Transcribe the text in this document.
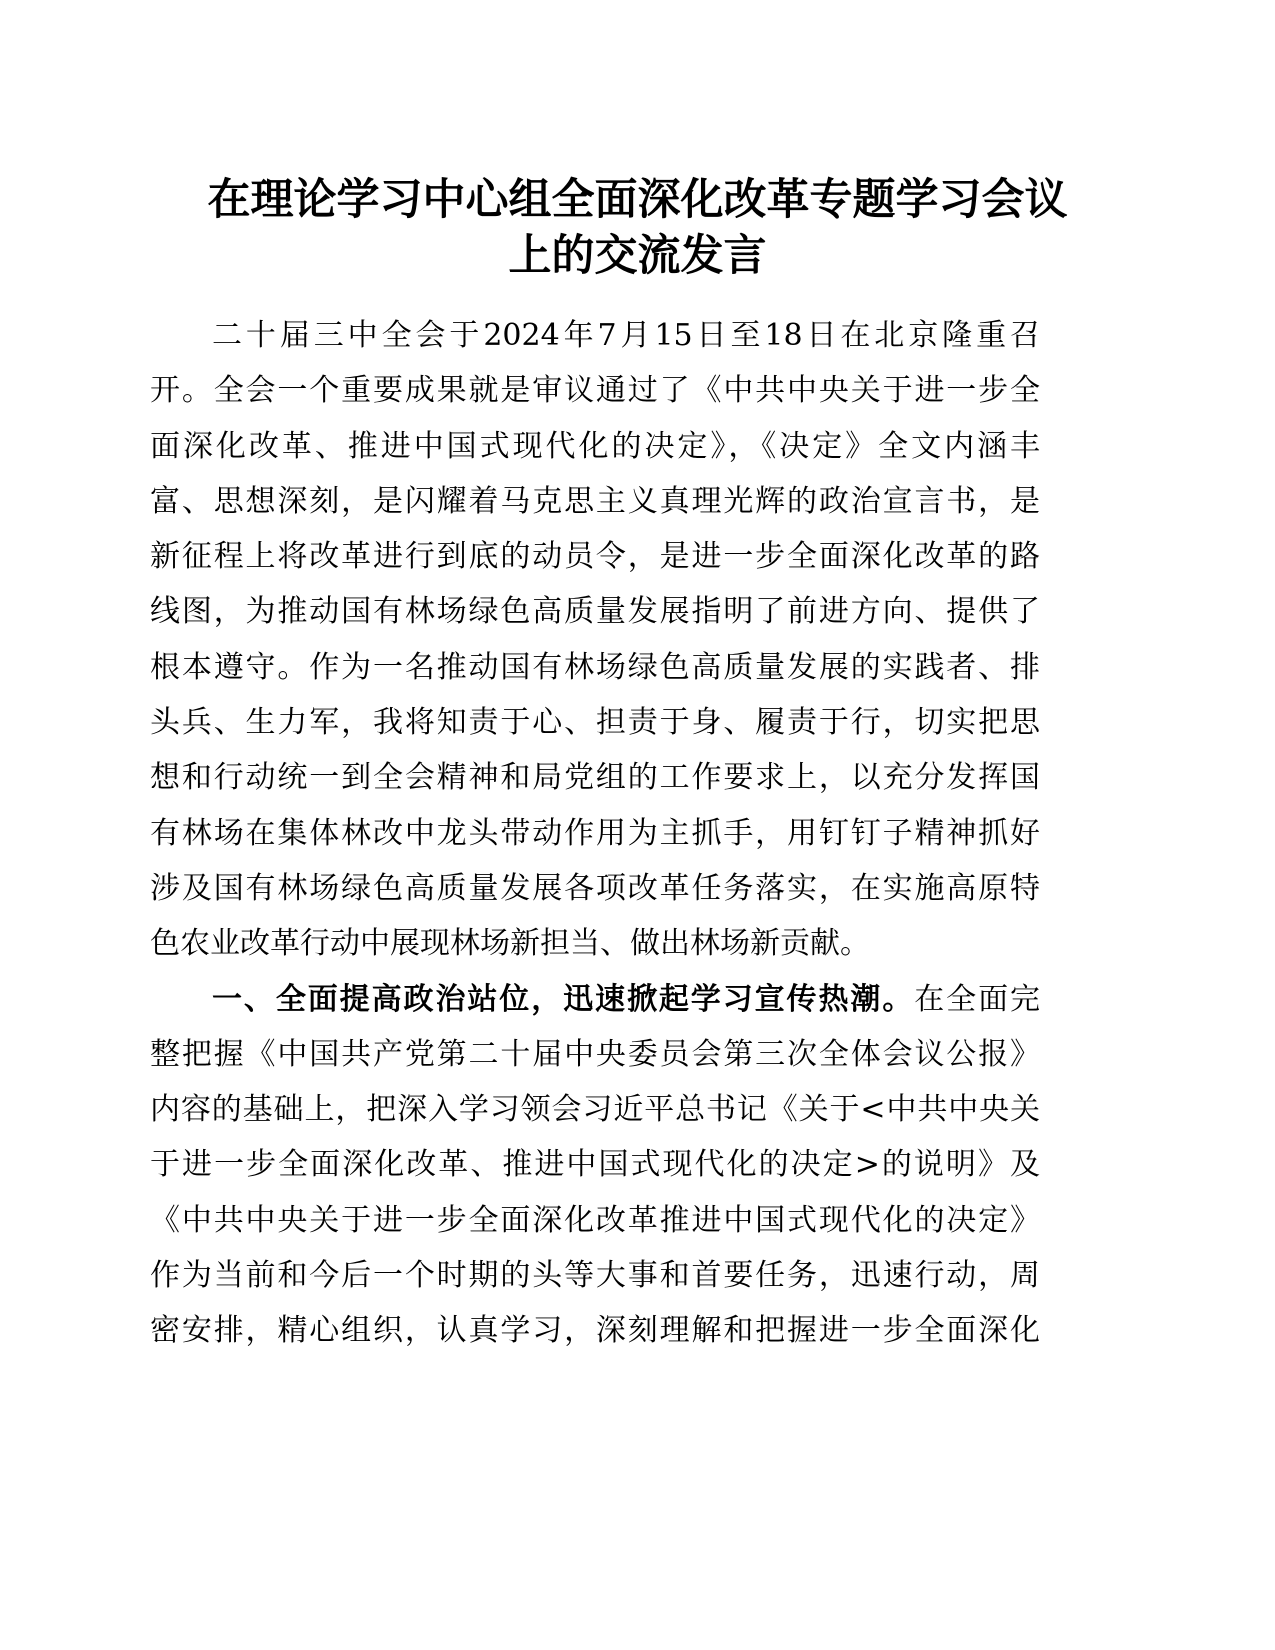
在理论学习中心组全面深化改革专题学习会议
上的交流发言
二十届三中全会于2024年7月15日至18日在北京隆重召
开。全会一个重要成果就是审议通过了《中共中央关于进一步全
面深化改革、推进中国式现代化的决定》，《决定》全文内涵丰
富、思想深刻，是闪耀着马克思主义真理光辉的政治宣言书，是
新征程上将改革进行到底的动员令，是进一步全面深化改革的路
线图，为推动国有林场绿色高质量发展指明了前进方向、提供了
根本遵守。作为一名推动国有林场绿色高质量发展的实践者、排
头兵、生力军，我将知责于心、担责于身、履责于行，切实把思
想和行动统一到全会精神和局党组的工作要求上，以充分发挥国
有林场在集体林改中龙头带动作用为主抓手，用钉钉子精神抓好
涉及国有林场绿色高质量发展各项改革任务落实，在实施高原特
色农业改革行动中展现林场新担当、做出林场新贡献。
一、全面提高政治站位，迅速掀起学习宣传热潮。在全面完
整把握《中国共产党第二十届中央委员会第三次全体会议公报》
内容的基础上，把深入学习领会习近平总书记《关于<中共中央关
于进一步全面深化改革、推进中国式现代化的决定>的说明》及
《中共中央关于进一步全面深化改革推进中国式现代化的决定》
作为当前和今后一个时期的头等大事和首要任务，迅速行动，周
密安排，精心组织，认真学习，深刻理解和把握进一步全面深化
